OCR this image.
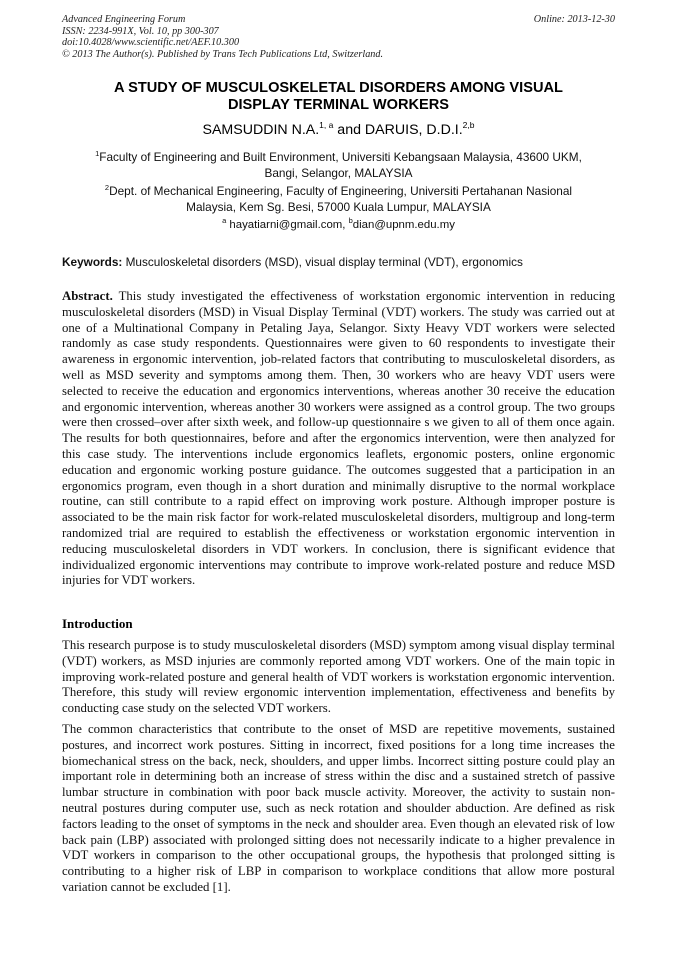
Advanced Engineering Forum
ISSN: 2234-991X, Vol. 10, pp 300-307
doi:10.4028/www.scientific.net/AEF.10.300
© 2013 The Author(s). Published by Trans Tech Publications Ltd, Switzerland.
Online: 2013-12-30
A STUDY OF MUSCULOSKELETAL DISORDERS AMONG VISUAL
DISPLAY TERMINAL WORKERS
SAMSUDDIN N.A.$^{1, a}$ and DARUIS, D.D.I.$^{2,b}$
$^1$Faculty of Engineering and Built Environment, Universiti Kebangsaan Malaysia, 43600 UKM,
Bangi, Selangor, MALAYSIA
$^2$Dept. of Mechanical Engineering, Faculty of Engineering, Universiti Pertahanan Nasional
Malaysia, Kem Sg. Besi, 57000 Kuala Lumpur, MALAYSIA
$^a$ hayatiarni@gmail.com, $^b$dian@upnm.edu.my
Keywords: Musculoskeletal disorders (MSD), visual display terminal (VDT), ergonomics

Abstract. This study investigated the effectiveness of workstation ergonomic intervention in reducing musculoskeletal disorders (MSD) in Visual Display Terminal (VDT) workers. The study was carried out at one of a Multinational Company in Petaling Jaya, Selangor. Sixty Heavy VDT workers were selected randomly as case study respondents. Questionnaires were given to 60 respondents to investigate their awareness in ergonomic intervention, job-related factors that contributing to musculoskeletal disorders, as well as MSD severity and symptoms among them. Then, 30 workers who are heavy VDT users were selected to receive the education and ergonomics interventions, whereas another 30 receive the education and ergonomic intervention, whereas another 30 workers were assigned as a control group. The two groups were then crossed–over after sixth week, and follow-up questionnaire s we given to all of them once again. The results for both questionnaires, before and after the ergonomics intervention, were then analyzed for this case study. The interventions include ergonomics leaflets, ergonomic posters, online ergonomic education and ergonomic working posture guidance. The outcomes suggested that a participation in an ergonomics program, even though in a short duration and minimally disruptive to the normal workplace routine, can still contribute to a rapid effect on improving work posture. Although improper posture is associated to be the main risk factor for work-related musculoskeletal disorders, multigroup and long-term randomized trial are required to establish the effectiveness or workstation ergonomic intervention in reducing musculoskeletal disorders in VDT workers. In conclusion, there is significant evidence that individualized ergonomic interventions may contribute to improve work-related posture and reduce MSD injuries for VDT workers.

Introduction

This research purpose is to study musculoskeletal disorders (MSD) symptom among visual display terminal (VDT) workers, as MSD injuries are commonly reported among VDT workers. One of the main topic in improving work-related posture and general health of VDT workers is workstation ergonomic intervention. Therefore, this study will review ergonomic intervention implementation, effectiveness and benefits by conducting case study on the selected VDT workers.

The common characteristics that contribute to the onset of MSD are repetitive movements, sustained postures, and incorrect work postures. Sitting in incorrect, fixed positions for a long time increases the biomechanical stress on the back, neck, shoulders, and upper limbs. Incorrect sitting posture could play an important role in determining both an increase of stress within the disc and a sustained stretch of passive lumbar structure in combination with poor back muscle activity. Moreover, the activity to sustain non-neutral postures during computer use, such as neck rotation and shoulder abduction. Are defined as risk factors leading to the onset of symptoms in the neck and shoulder area. Even though an elevated risk of low back pain (LBP) associated with prolonged sitting does not necessarily indicate to a higher prevalence in VDT workers in comparison to the other occupational groups, the hypothesis that prolonged sitting is contributing to a higher risk of LBP in comparison to workplace conditions that allow more postural variation cannot be excluded [1].
